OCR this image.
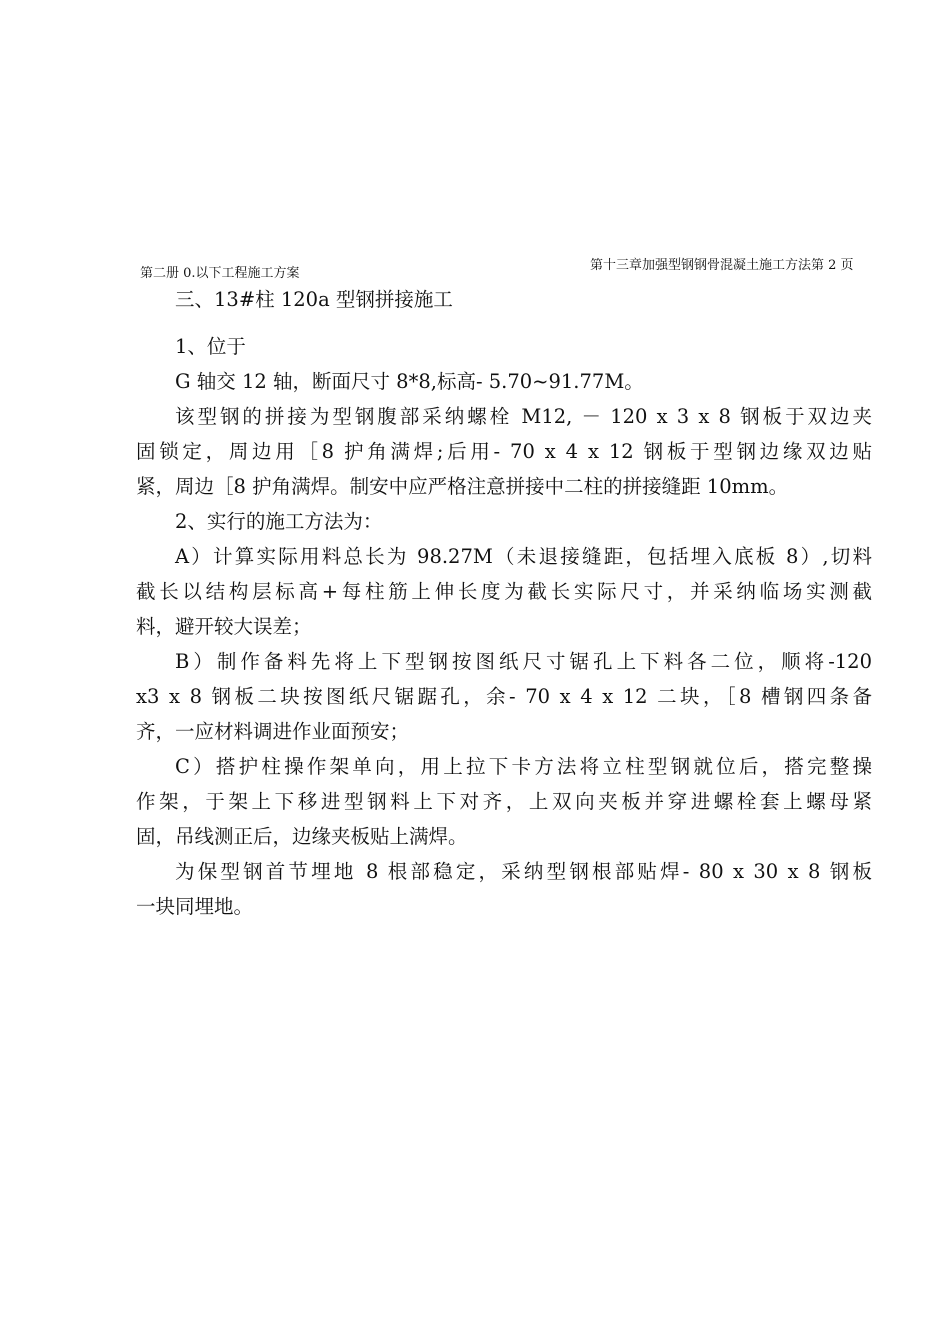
第二册 0.以下工程施工方案
第十三章加强型钢钢骨混凝土施工方法第 2 页
三、13#柱 120a 型钢拼接施工
1、位于
G 轴交 12 轴，断面尺寸 8*8,标高- 5.70~91.77M。
该型钢的拼接为型钢腹部采纳螺栓 M12, － 120 x 3 x 8 钢板于双边夹
固锁定，周边用［8 护角满焊;后用- 70 x 4 x 12 钢板于型钢边缘双边贴
紧，周边［8 护角满焊。制安中应严格注意拼接中二柱的拼接缝距 10mm。
2、实行的施工方法为：
A）计算实际用料总长为 98.27M（未退接缝距，包括埋入底板 8）,切料
截长以结构层标高+每柱筋上伸长度为截长实际尺寸，并采纳临场实测截
料，避开较大误差；
B）制作备料先将上下型钢按图纸尺寸锯孔上下料各二位，顺将-120
x3 x 8 钢板二块按图纸尺锯踞孔，余- 70 x 4 x 12 二块，［8 槽钢四条备
齐，一应材料调进作业面预安；
C）搭护柱操作架单向，用上拉下卡方法将立柱型钢就位后，搭完整操
作架，于架上下移进型钢料上下对齐，上双向夹板并穿进螺栓套上螺母紧
固，吊线测正后，边缘夹板贴上满焊。
为保型钢首节埋地 8 根部稳定，采纳型钢根部贴焊- 80 x 30 x 8 钢板
一块同埋地。
